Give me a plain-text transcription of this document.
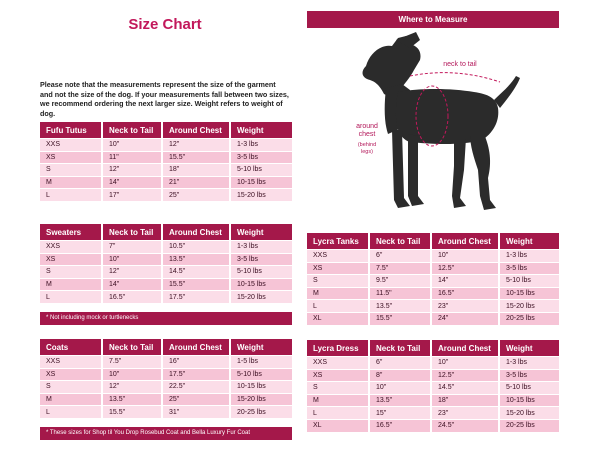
Size Chart
Please note that the measurements represent the size of the garment and not the size of the dog. If your measurements fall between two sizes, we recommend ordering the next larger size. Weight refers to weight of dog.
Where to Measure
neck to tail
around
chest
(behind
legs)
Fufu Tutus	Neck to Tail	Around Chest	Weight
XXS	10"	12"	1-3 lbs
XS	11"	15.5"	3-5 lbs
S	12"	18"	5-10 lbs
M	14"	21"	10-15 lbs
L	17"	25"	15-20 lbs
Sweaters	Neck to Tail	Around Chest	Weight
XXS	7"	10.5"	1-3 lbs
XS	10"	13.5"	3-5 lbs
S	12"	14.5"	5-10 lbs
M	14"	15.5"	10-15 lbs
L	16.5"	17.5"	15-20 lbs
* Not including mock or turtlenecks
Coats	Neck to Tail	Around Chest	Weight
XXS	7.5"	16"	1-5 lbs
XS	10"	17.5"	5-10 lbs
S	12"	22.5"	10-15 lbs
M	13.5"	25"	15-20 lbs
L	15.5"	31"	20-25 lbs
* These sizes for Shop til You Drop Rosebud Coat and Bella Luxury Fur Coat
Lycra Tanks	Neck to Tail	Around Chest	Weight
XXS	6"	10"	1-3 lbs
XS	7.5"	12.5"	3-5 lbs
S	9.5"	14"	5-10 lbs
M	11.5"	16.5"	10-15 lbs
L	13.5"	23"	15-20 lbs
XL	15.5"	24"	20-25 lbs
Lycra Dress	Neck to Tail	Around Chest	Weight
XXS	6"	10"	1-3 lbs
XS	8"	12.5"	3-5 lbs
S	10"	14.5"	5-10 lbs
M	13.5"	18"	10-15 lbs
L	15"	23"	15-20 lbs
XL	16.5"	24.5"	20-25 lbs
